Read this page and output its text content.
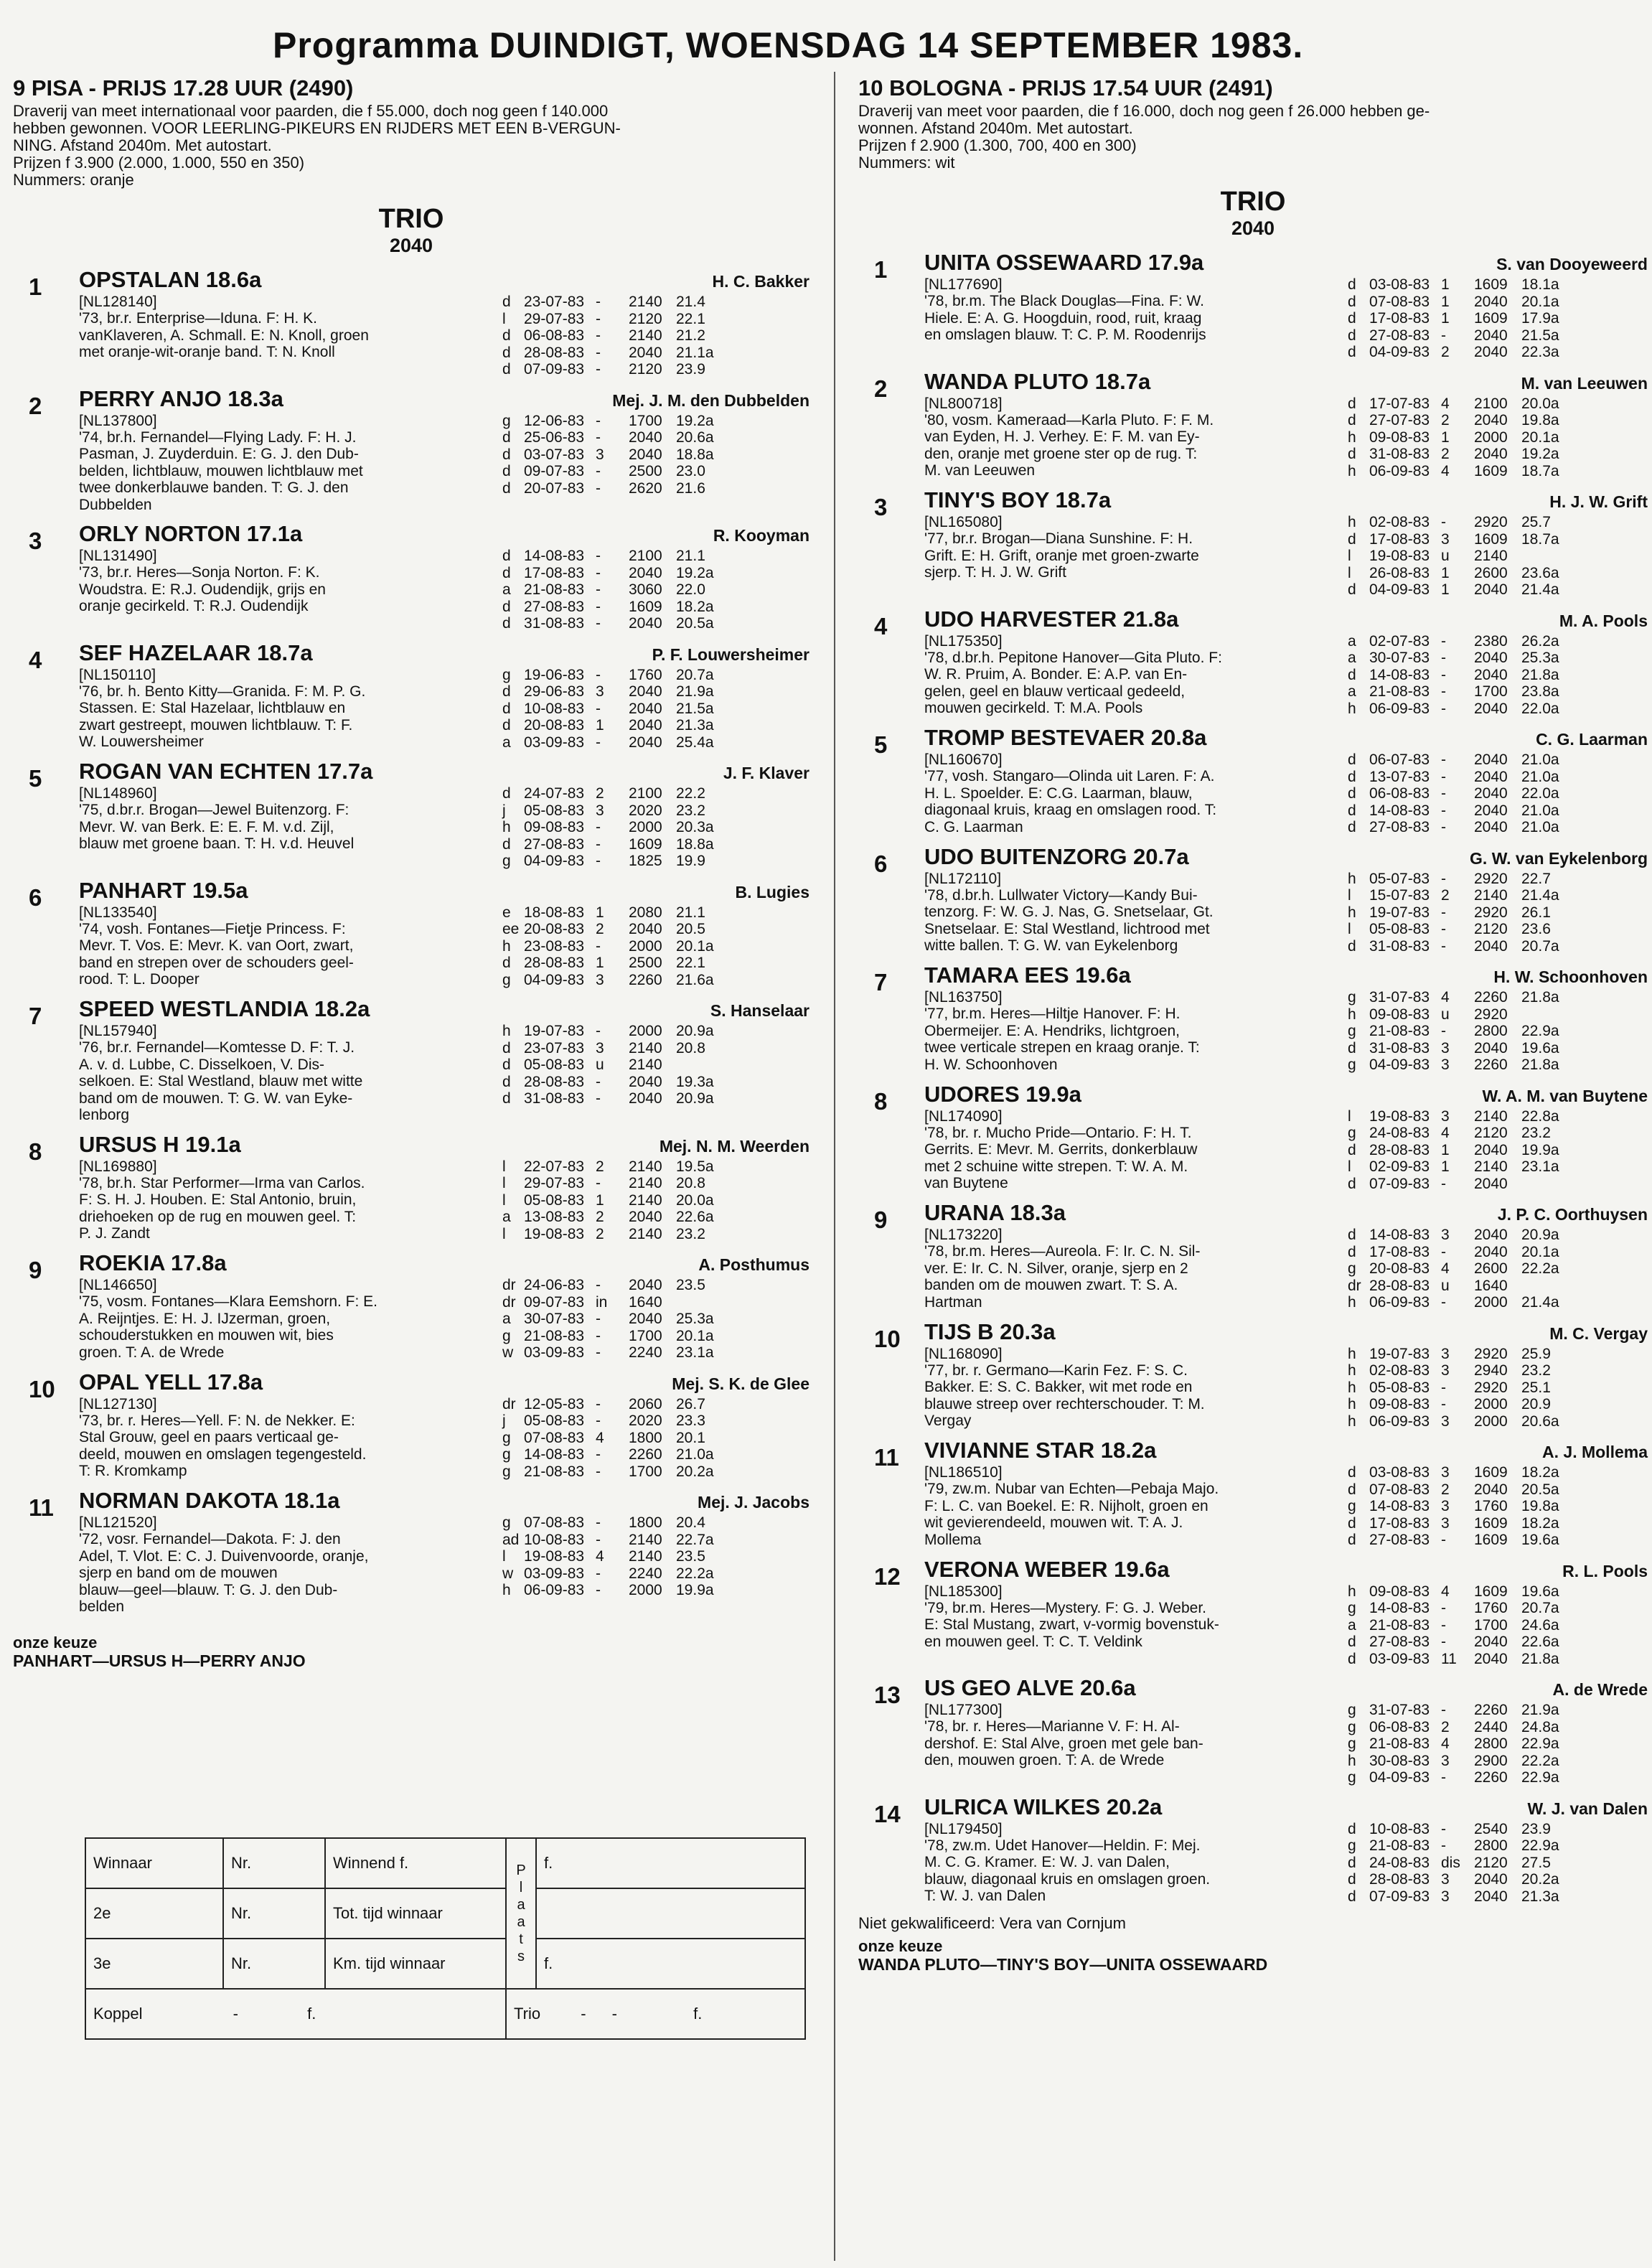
Programma DUINDIGT, WOENSDAG 14 SEPTEMBER 1983.
9 PISA - PRIJS 17.28 UUR (2490)
Draverij van meet internationaal voor paarden, die f 55.000, doch nog geen f 140.000
hebben gewonnen. VOOR LEERLING-PIKEURS EN RIJDERS MET EEN B-VERGUN-
NING. Afstand 2040m. Met autostart.
Prijzen f 3.900 (2.000, 1.000, 550 en 350)
Nummers: oranje
TRIO
2040
1	OPSTALAN 18.6a
[NL128140]
'73, br.r. Enterprise—Iduna. F: H. K.
vanKlaveren, A. Schmall. E: N. Knoll, groen
met oranje-wit-oranje band. T: N. Knoll
H. C. Bakker
d 23-07-83 -	2140 21.4
l	29-07-83 -	2120 22.1
d 06-08-83 -	2140 21.2
d 28-08-83 -	2040 21.1a
d 07-09-83 -	2120 23.9
2	PERRY ANJO 18.3a
[NL137800]
'74, br.h. Fernandel—Flying Lady. F: H. J.
Pasman, J. Zuyderduin. E: G. J. den Dub-
belden, lichtblauw, mouwen lichtblauw met
twee donkerblauwe banden. T: G. J. den
Dubbelden
Mej. J. M. den Dubbelden
g 12-06-83 -	1700 19.2a
d 25-06-83 -	2040 20.6a
d 03-07-83 3	2040 18.8a
d 09-07-83 -	2500 23.0
d 20-07-83 -	2620 21.6
3	ORLY NORTON 17.1a
[NL131490]
'73, br.r. Heres—Sonja Norton. F: K.
Woudstra. E: R.J. Oudendijk, grijs en
oranje gecirkeld. T: R.J. Oudendijk
R. Kooyman
d 14-08-83 -	2100 21.1
d 17-08-83 -	2040 19.2a
a 21-08-83 -	3060 22.0
d 27-08-83 -	1609 18.2a
d 31-08-83 -	2040 20.5a
4	SEF HAZELAAR 18.7a
[NL150110]
'76, br. h. Bento Kitty—Granida. F: M. P. G.
Stassen. E: Stal Hazelaar, lichtblauw en
zwart gestreept, mouwen lichtblauw. T: F.
W. Louwersheimer
P. F. Louwersheimer
g 19-06-83 -	1760 20.7a
d 29-06-83 3	2040 21.9a
d 10-08-83 -	2040 21.5a
d 20-08-83 1	2040 21.3a
a 03-09-83 -	2040 25.4a
5	ROGAN VAN ECHTEN 17.7a
[NL148960]
'75, d.br.r. Brogan—Jewel Buitenzorg. F:
Mevr. W. van Berk. E: E. F. M. v.d. Zijl,
blauw met groene baan. T: H. v.d. Heuvel
J. F. Klaver
d 24-07-83 2	2100 22.2
j	05-08-83 3	2020 23.2
h 09-08-83 -	2000 20.3a
d 27-08-83 -	1609 18.8a
g 04-09-83 -	1825 19.9
6	PANHART 19.5a
[NL133540]
'74, vosh. Fontanes—Fietje Princess. F:
Mevr. T. Vos. E: Mevr. K. van Oort, zwart,
band en strepen over de schouders geel-
rood. T: L. Dooper
B. Lugies
e 18-08-83 1	2080 21.1
ee 20-08-83 2	2040 20.5
h 23-08-83 -	2000 20.1a
d 28-08-83 1	2500 22.1
g 04-09-83 3	2260 21.6a
7	SPEED WESTLANDIA 18.2a
[NL157940]
'76, br.r. Fernandel—Komtesse D. F: T. J.
A. v. d. Lubbe, C. Disselkoen, V. Dis-
selkoen. E: Stal Westland, blauw met witte
band om de mouwen. T: G. W. van Eyke-
lenborg
S. Hanselaar
h 19-07-83 -	2000 20.9a
d 23-07-83 3	2140 20.8
d 05-08-83 u	2140
d 28-08-83 -	2040 19.3a
d 31-08-83 -	2040 20.9a
8	URSUS H 19.1a
[NL169880]
'78, br.h. Star Performer—Irma van Carlos.
F: S. H. J. Houben. E: Stal Antonio, bruin,
driehoeken op de rug en mouwen geel. T:
P. J. Zandt
Mej. N. M. Weerden
l	22-07-83 2	2140 19.5a
l	29-07-83 -	2140 20.8
l	05-08-83 1	2140 20.0a
a 13-08-83 2	2040 22.6a
l	19-08-83 2	2140 23.2
9	ROEKIA 17.8a
[NL146650]
'75, vosm. Fontanes—Klara Eemshorn. F: E.
A. Reijntjes. E: H. J. IJzerman, groen,
schouderstukken en mouwen wit, bies
groen. T: A. de Wrede
A. Posthumus
dr 24-06-83 -	2040 23.5
dr 09-07-83 in	1640
a 30-07-83 -	2040 25.3a
g 21-08-83 -	1700 20.1a
w 03-09-83 -	2240 23.1a
10	OPAL YELL 17.8a
[NL127130]
'73, br. r. Heres—Yell. F: N. de Nekker. E:
Stal Grouw, geel en paars verticaal ge-
deeld, mouwen en omslagen tegengesteld.
T: R. Kromkamp
Mej. S. K. de Glee
dr 12-05-83 -	2060 26.7
j	05-08-83 -	2020 23.3
g 07-08-83 4	1800 20.1
g 14-08-83 -	2260 21.0a
g 21-08-83 -	1700 20.2a
11	NORMAN DAKOTA 18.1a
[NL121520]
'72, vosr. Fernandel—Dakota. F: J. den
Adel, T. Vlot. E: C. J. Duivenvoorde, oranje,
sjerp en band om de mouwen
blauw—geel—blauw. T: G. J. den Dub-
belden
Mej. J. Jacobs
g 07-08-83 -	1800 20.4
ad 10-08-83 -	2140 22.7a
l	19-08-83 4	2140 23.5
w 03-09-83 -	2240 22.2a
h 06-09-83 -	2000 19.9a
onze keuze
PANHART—URSUS H—PERRY ANJO
Winnaar	Nr.	Winnend f.	P l a a t s	f.
2e	Nr.	Tot. tijd winnaar		
3e	Nr.	Km. tijd winnaar		f.
Koppel - f.			Trio - - f.	
10 BOLOGNA - PRIJS 17.54 UUR (2491)
Draverij van meet voor paarden, die f 16.000, doch nog geen f 26.000 hebben ge-
wonnen. Afstand 2040m. Met autostart.
Prijzen f 2.900 (1.300, 700, 400 en 300)
Nummers: wit
TRIO
2040
1	UNITA OSSEWAARD 17.9a
[NL177690]
'78, br.m. The Black Douglas—Fina. F: W.
Hiele. E: A. G. Hoogduin, rood, ruit, kraag
en omslagen blauw. T: C. P. M. Roodenrijs
S. van Dooyeweerd
d 03-08-83 1	1609 18.1a
d 07-08-83 1	2040 20.1a
d 17-08-83 1	1609 17.9a
d 27-08-83 -	2040 21.5a
d 04-09-83 2	2040 22.3a
2	WANDA PLUTO 18.7a
[NL800718]
'80, vosm. Kameraad—Karla Pluto. F: F. M.
van Eyden, H. J. Verhey. E: F. M. van Ey-
den, oranje met groene ster op de rug. T:
M. van Leeuwen
M. van Leeuwen
d 17-07-83 4	2100 20.0a
d 27-07-83 2	2040 19.8a
h 09-08-83 1	2000 20.1a
d 31-08-83 2	2040 19.2a
h 06-09-83 4	1609 18.7a
3	TINY'S BOY 18.7a
[NL165080]
'77, br.r. Brogan—Diana Sunshine. F: H.
Grift. E: H. Grift, oranje met groen-zwarte
sjerp. T: H. J. W. Grift
H. J. W. Grift
h 02-08-83 -	2920 25.7
d 17-08-83 3	1609 18.7a
l	19-08-83 u	2140
l	26-08-83 1	2600 23.6a
d 04-09-83 1	2040 21.4a
4	UDO HARVESTER 21.8a
[NL175350]
'78, d.br.h. Pepitone Hanover—Gita Pluto. F:
W. R. Pruim, A. Bonder. E: A.P. van En-
gelen, geel en blauw verticaal gedeeld,
mouwen gecirkeld. T: M.A. Pools
M. A. Pools
a 02-07-83 -	2380 26.2a
a 30-07-83 -	2040 25.3a
d 14-08-83 -	2040 21.8a
a 21-08-83 -	1700 23.8a
h 06-09-83 -	2040 22.0a
5	TROMP BESTEVAER 20.8a
[NL160670]
'77, vosh. Stangaro—Olinda uit Laren. F: A.
H. L. Spoelder. E: C.G. Laarman, blauw,
diagonaal kruis, kraag en omslagen rood. T:
C. G. Laarman
C. G. Laarman
d 06-07-83 -	2040 21.0a
d 13-07-83 -	2040 21.0a
d 06-08-83 -	2040 22.0a
d 14-08-83 -	2040 21.0a
d 27-08-83 -	2040 21.0a
6	UDO BUITENZORG 20.7a
[NL172110]
'78, d.br.h. Lullwater Victory—Kandy Bui-
tenzorg. F: W. G. J. Nas, G. Snetselaar, Gt.
Snetselaar. E: Stal Westland, lichtrood met
witte ballen. T: G. W. van Eykelenborg
G. W. van Eykelenborg
h 05-07-83 -	2920 22.7
l	15-07-83 2	2140 21.4a
h 19-07-83 -	2920 26.1
l	05-08-83 -	2120 23.6
d 31-08-83 -	2040 20.7a
7	TAMARA EES 19.6a
[NL163750]
'77, br.m. Heres—Hiltje Hanover. F: H.
Obermeijer. E: A. Hendriks, lichtgroen,
twee verticale strepen en kraag oranje. T:
H. W. Schoonhoven
H. W. Schoonhoven
g 31-07-83 4	2260 21.8a
h 09-08-83 u	2920
g 21-08-83 -	2800 22.9a
d 31-08-83 3	2040 19.6a
g 04-09-83 3	2260 21.8a
8	UDORES 19.9a
[NL174090]
'78, br. r. Mucho Pride—Ontario. F: H. T.
Gerrits. E: Mevr. M. Gerrits, donkerblauw
met 2 schuine witte strepen. T: W. A. M.
van Buytene
W. A. M. van Buytene
l	19-08-83 3	2140 22.8a
g 24-08-83 4	2120 23.2
d 28-08-83 1	2040 19.9a
l	02-09-83 1	2140 23.1a
d 07-09-83 -	2040
9	URANA 18.3a
[NL173220]
'78, br.m. Heres—Aureola. F: Ir. C. N. Sil-
ver. E: Ir. C. N. Silver, oranje, sjerp en 2
banden om de mouwen zwart. T: S. A.
Hartman
J. P. C. Oorthuysen
d 14-08-83 3	2040 20.9a
d 17-08-83 -	2040 20.1a
g 20-08-83 4	2600 22.2a
dr 28-08-83 u	1640
h 06-09-83 -	2000 21.4a
10	TIJS B 20.3a
[NL168090]
'77, br. r. Germano—Karin Fez. F: S. C.
Bakker. E: S. C. Bakker, wit met rode en
blauwe streep over rechterschouder. T: M.
Vergay
M. C. Vergay
h 19-07-83 3	2920 25.9
h 02-08-83 3	2940 23.2
h 05-08-83 -	2920 25.1
h 09-08-83 -	2000 20.9
h 06-09-83 3	2000 20.6a
11	VIVIANNE STAR 18.2a
[NL186510]
'79, zw.m. Nubar van Echten—Pebaja Majo.
F: L. C. van Boekel. E: R. Nijholt, groen en
wit gevierendeeld, mouwen wit. T: A. J.
Mollema
A. J. Mollema
d 03-08-83 3	1609 18.2a
d 07-08-83 2	2040 20.5a
g 14-08-83 3	1760 19.8a
d 17-08-83 3	1609 18.2a
d 27-08-83 -	1609 19.6a
12	VERONA WEBER 19.6a
[NL185300]
'79, br.m. Heres—Mystery. F: G. J. Weber.
E: Stal Mustang, zwart, v-vormig bovenstuk-
en mouwen geel. T: C. T. Veldink
R. L. Pools
h 09-08-83 4	1609 19.6a
g 14-08-83 -	1760 20.7a
a 21-08-83 -	1700 24.6a
d 27-08-83 -	2040 22.6a
d 03-09-83 11	2040 21.8a
13	US GEO ALVE 20.6a
[NL177300]
'78, br. r. Heres—Marianne V. F: H. Al-
dershof. E: Stal Alve, groen met gele ban-
den, mouwen groen. T: A. de Wrede
A. de Wrede
g 31-07-83 -	2260 21.9a
g 06-08-83 2	2440 24.8a
g 21-08-83 4	2800 22.9a
h 30-08-83 3	2900 22.2a
g 04-09-83 -	2260 22.9a
14	ULRICA WILKES 20.2a
[NL179450]
'78, zw.m. Udet Hanover—Heldin. F: Mej.
M. C. G. Kramer. E: W. J. van Dalen,
blauw, diagonaal kruis en omslagen groen.
T: W. J. van Dalen
W. J. van Dalen
d 10-08-83 -	2540 23.9
g 21-08-83 -	2800 22.9a
d 24-08-83 dis 2120 27.5
d 28-08-83 3	2040 20.2a
d 07-09-83 3	2040 21.3a
Niet gekwalificeerd: Vera van Cornjum
onze keuze
WANDA PLUTO—TINY'S BOY—UNITA OSSEWAARD
